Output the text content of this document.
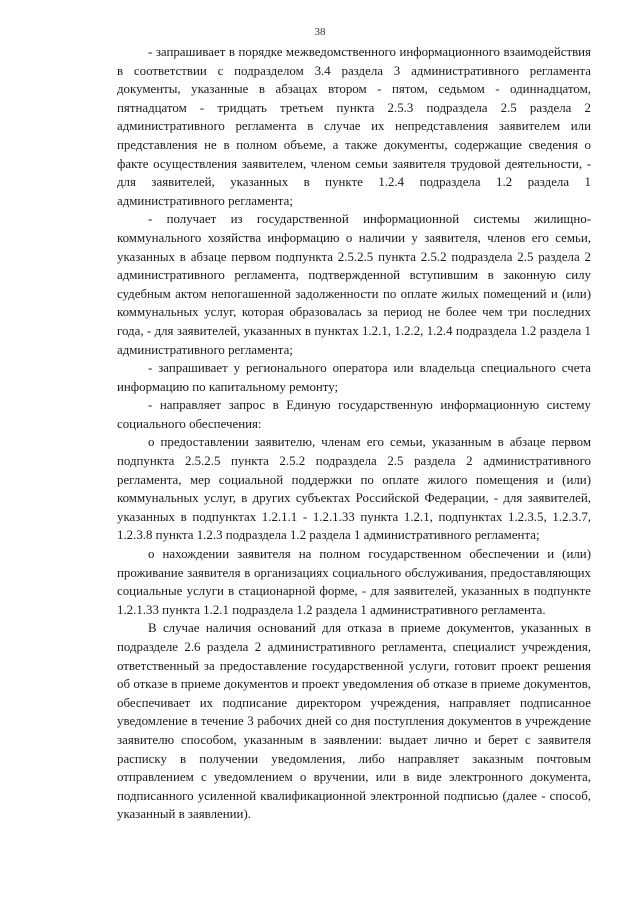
38

- запрашивает в порядке межведомственного информационного взаимодействия в соответствии с подразделом 3.4 раздела 3 административного регламента документы, указанные в абзацах втором - пятом, седьмом - одиннадцатом, пятнадцатом - тридцать третьем пункта 2.5.3 подраздела 2.5 раздела 2 административного регламента в случае их непредставления заявителем или представления не в полном объеме, а также документы, содержащие сведения о факте осуществления заявителем, членом семьи заявителя трудовой деятельности, - для заявителей, указанных в пункте 1.2.4 подраздела 1.2 раздела 1 административного регламента;

- получает из государственной информационной системы жилищно-коммунального хозяйства информацию о наличии у заявителя, членов его семьи, указанных в абзаце первом подпункта 2.5.2.5 пункта 2.5.2 подраздела 2.5 раздела 2 административного регламента, подтвержденной вступившим в законную силу судебным актом непогашенной задолженности по оплате жилых помещений и (или) коммунальных услуг, которая образовалась за период не более чем три последних года, - для заявителей, указанных в пунктах 1.2.1, 1.2.2, 1.2.4 подраздела 1.2 раздела 1 административного регламента;

- запрашивает у регионального оператора или владельца специального счета информацию по капитальному ремонту;

- направляет запрос в Единую государственную информационную систему социального обеспечения:

о предоставлении заявителю, членам его семьи, указанным в абзаце первом подпункта 2.5.2.5 пункта 2.5.2 подраздела 2.5 раздела 2 административного регламента, мер социальной поддержки по оплате жилого помещения и (или) коммунальных услуг, в других субъектах Российской Федерации, - для заявителей, указанных в подпунктах 1.2.1.1 - 1.2.1.33 пункта 1.2.1, подпунктах 1.2.3.5, 1.2.3.7, 1.2.3.8 пункта 1.2.3 подраздела 1.2 раздела 1 административного регламента;

о нахождении заявителя на полном государственном обеспечении и (или) проживание заявителя в организациях социального обслуживания, предоставляющих социальные услуги в стационарной форме, - для заявителей, указанных в подпункте 1.2.1.33 пункта 1.2.1 подраздела 1.2 раздела 1 административного регламента.

В случае наличия оснований для отказа в приеме документов, указанных в подразделе 2.6 раздела 2 административного регламента, специалист учреждения, ответственный за предоставление государственной услуги, готовит проект решения об отказе в приеме документов и проект уведомления об отказе в приеме документов, обеспечивает их подписание директором учреждения, направляет подписанное уведомление в течение 3 рабочих дней со дня поступления документов в учреждение заявителю способом, указанным в заявлении: выдает лично и берет с заявителя расписку в получении уведомления, либо направляет заказным почтовым отправлением с уведомлением о вручении, или в виде электронного документа, подписанного усиленной квалификационной электронной подписью (далее - способ, указанный в заявлении).
